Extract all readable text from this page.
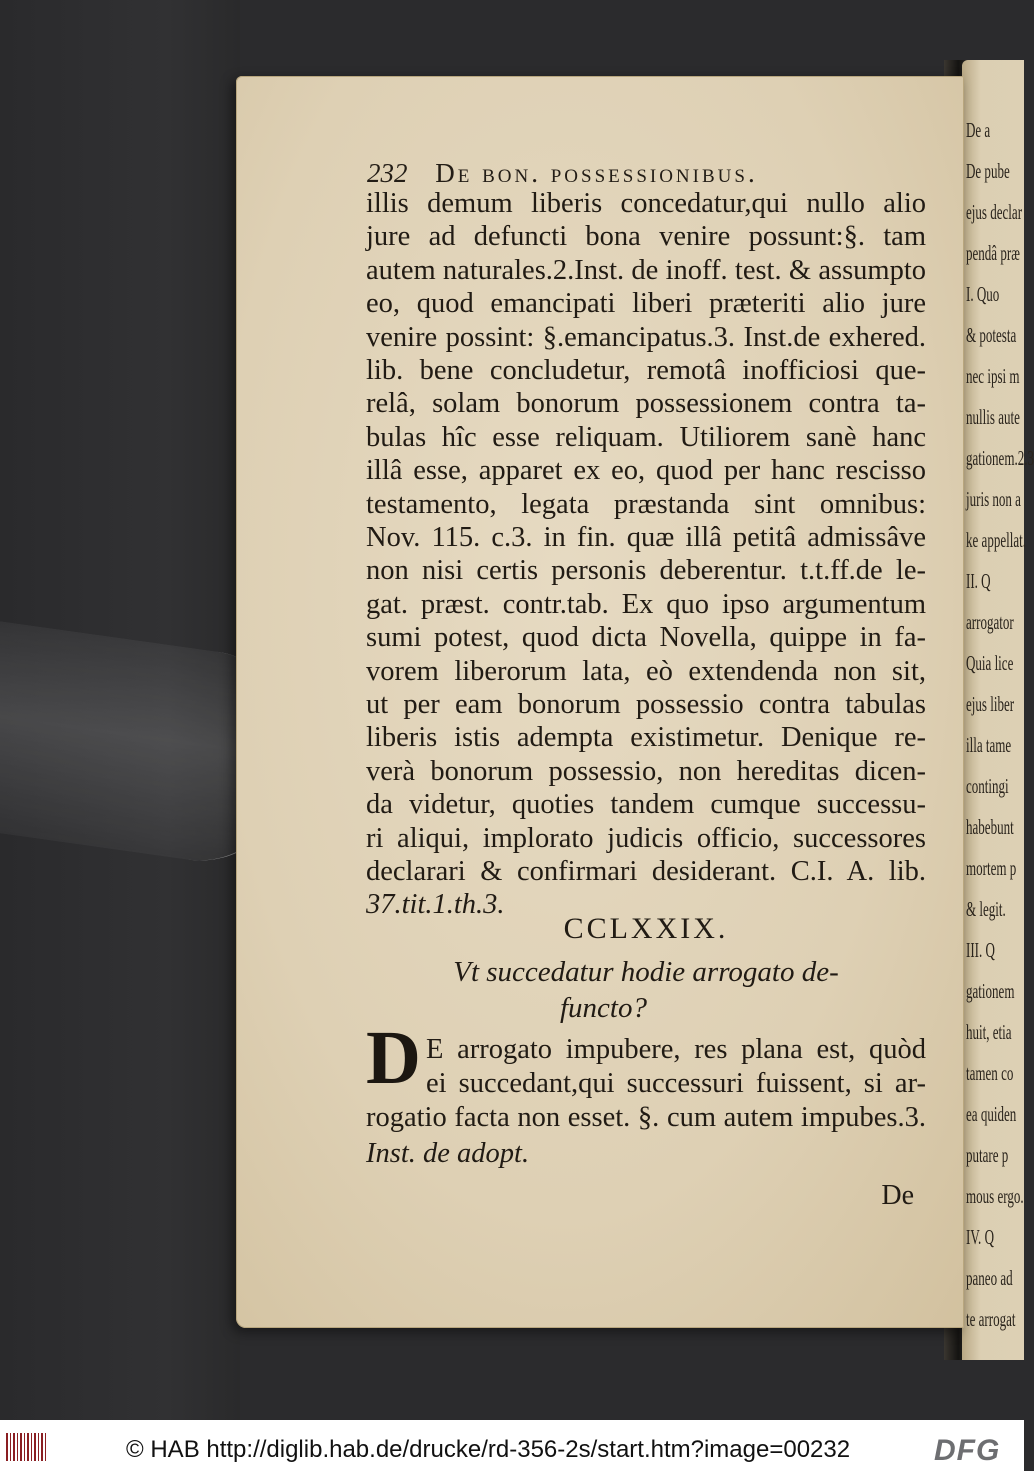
De a
De pube
ejus declar
pendâ præ
I. Quo
& potesta
nec ipsi m
nullis aute
gationem.2.3
juris non a
ke appellat.
II. Q
arrogator
Quia lice
ejus liber
illa tame
contingi
habebunt
mortem p
& legit.
III. Q
gationem
huit, etia
tamen co
ea quiden
putare p
mous ergo.
IV. Q
paneo ad
te arrogat
232 De bon. possessionibus.
illis demum liberis concedatur,qui nullo alio
jure ad defuncti bona venire possunt:§. tam
autem naturales.2.Inst. de inoff. test. & assumpto
eo, quod emancipati liberi præteriti alio jure
venire possint: §.emancipatus.3. Inst.de exhered.
lib. bene concludetur, remotâ inofficiosi que-
relâ, solam bonorum possessionem contra ta-
bulas hîc esse reliquam. Utiliorem sanè hanc
illâ esse, apparet ex eo, quod per hanc rescisso
testamento, legata præstanda sint omnibus:
Nov. 115. c.3. in fin. quæ illâ petitâ admissâve
non nisi certis personis deberentur. t.t.ff.de le-
gat. præst. contr.tab. Ex quo ipso argumentum
sumi potest, quod dicta Novella, quippe in fa-
vorem liberorum lata, eò extendenda non sit,
ut per eam bonorum possessio contra tabulas
liberis istis adempta existimetur. Denique re-
verà bonorum possessio, non hereditas dicen-
da videtur, quoties tandem cumque successu-
ri aliqui, implorato judicis officio, successores
declarari & confirmari desiderant. C.I. A. lib.
37.tit.1.th.3.
CCLXXIX.
Vt succedatur hodie arrogato de-
functo?
D E arrogato impubere, res plana est, quòd
ei succedant,qui successuri fuissent, si ar-
rogatio facta non esset. §. cum autem impubes.3.
Inst. de adopt.
De
© HAB http://diglib.hab.de/drucke/rd-356-2s/start.htm?image=00232	DFG
